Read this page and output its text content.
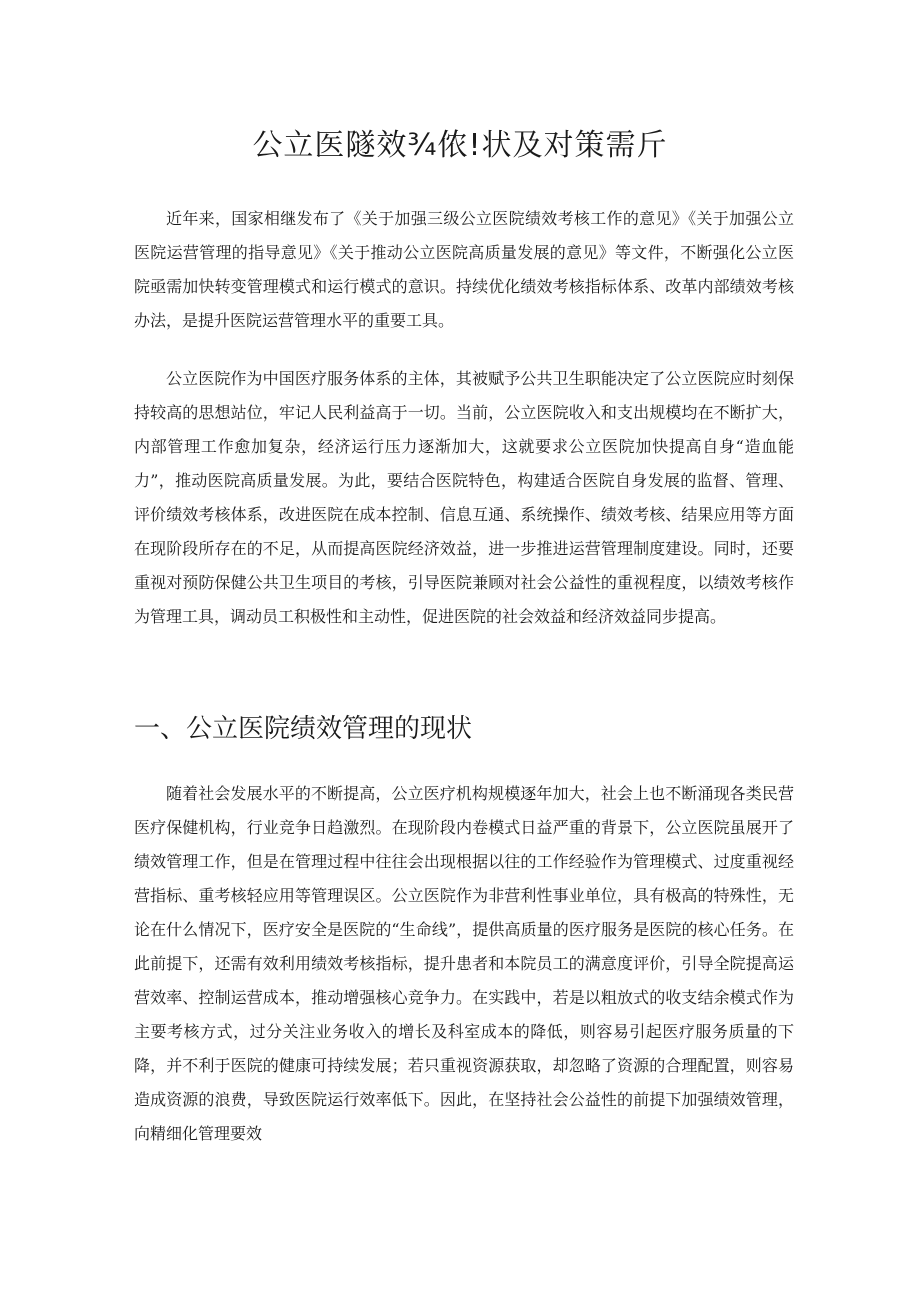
公立医隧效¾侬!状及对策需斤

近年来，国家相继发布了《关于加强三级公立医院绩效考核工作的意见》《关于加强公立医院运营管理的指导意见》《关于推动公立医院高质量发展的意见》等文件，不断强化公立医院亟需加快转变管理模式和运行模式的意识。持续优化绩效考核指标体系、改革内部绩效考核办法，是提升医院运营管理水平的重要工具。

公立医院作为中国医疗服务体系的主体，其被赋予公共卫生职能决定了公立医院应时刻保持较高的思想站位，牢记人民利益高于一切。当前，公立医院收入和支出规模均在不断扩大，内部管理工作愈加复杂，经济运行压力逐渐加大，这就要求公立医院加快提高自身“造血能力”，推动医院高质量发展。为此，要结合医院特色，构建适合医院自身发展的监督、管理、评价绩效考核体系，改进医院在成本控制、信息互通、系统操作、绩效考核、结果应用等方面在现阶段所存在的不足，从而提高医院经济效益，进一步推进运营管理制度建设。同时，还要重视对预防保健公共卫生项目的考核，引导医院兼顾对社会公益性的重视程度，以绩效考核作为管理工具，调动员工积极性和主动性，促进医院的社会效益和经济效益同步提高。

一、公立医院绩效管理的现状

随着社会发展水平的不断提高，公立医疗机构规模逐年加大，社会上也不断涌现各类民营医疗保健机构，行业竞争日趋激烈。在现阶段内卷模式日益严重的背景下，公立医院虽展开了绩效管理工作，但是在管理过程中往往会出现根据以往的工作经验作为管理模式、过度重视经营指标、重考核轻应用等管理误区。公立医院作为非营利性事业单位，具有极高的特殊性，无论在什么情况下，医疗安全是医院的“生命线”，提供高质量的医疗服务是医院的核心任务。在此前提下，还需有效利用绩效考核指标，提升患者和本院员工的满意度评价，引导全院提高运营效率、控制运营成本，推动增强核心竞争力。在实践中，若是以粗放式的收支结余模式作为主要考核方式，过分关注业务收入的增长及科室成本的降低，则容易引起医疗服务质量的下降，并不利于医院的健康可持续发展；若只重视资源获取，却忽略了资源的合理配置，则容易造成资源的浪费，导致医院运行效率低下。因此，在坚持社会公益性的前提下加强绩效管理，向精细化管理要效
